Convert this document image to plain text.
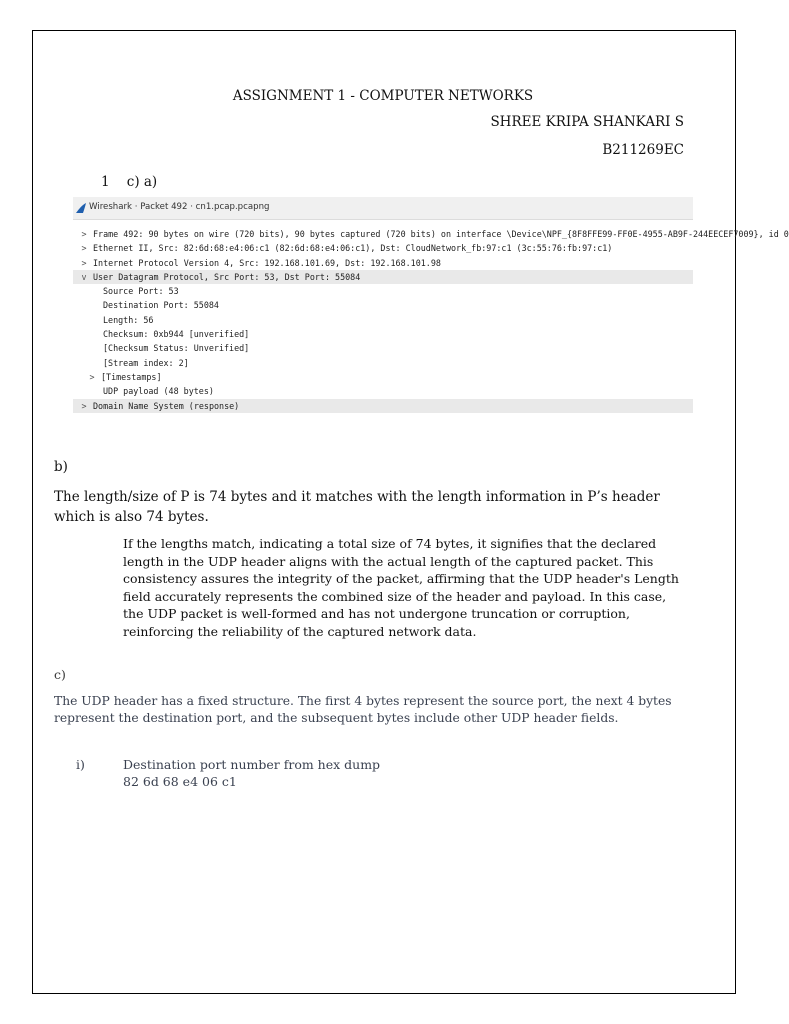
ASSIGNMENT 1 - COMPUTER NETWORKS
SHREE KRIPA SHANKARI S
B211269EC
1    c) a)
Wireshark · Packet 492 · cn1.pcap.pcapng
> Frame 492: 90 bytes on wire (720 bits), 90 bytes captured (720 bits) on interface \Device\NPF_{8F8FFE99-FF0E-4955-AB9F-244EECEF7009}, id 0
> Ethernet II, Src: 82:6d:68:e4:06:c1 (82:6d:68:e4:06:c1), Dst: CloudNetwork_fb:97:c1 (3c:55:76:fb:97:c1)
> Internet Protocol Version 4, Src: 192.168.101.69, Dst: 192.168.101.98
v User Datagram Protocol, Src Port: 53, Dst Port: 55084
Source Port: 53
Destination Port: 55084
Length: 56
Checksum: 0xb944 [unverified]
[Checksum Status: Unverified]
[Stream index: 2]
> [Timestamps]
UDP payload (48 bytes)
> Domain Name System (response)
b)
The length/size of P is 74 bytes and it matches with the length information in P’s header which is also 74 bytes.
If the lengths match, indicating a total size of 74 bytes, it signifies that the declared length in the UDP header aligns with the actual length of the captured packet. This consistency assures the integrity of the packet, affirming that the UDP header's Length field accurately represents the combined size of the header and payload. In this case, the UDP packet is well-formed and has not undergone truncation or corruption, reinforcing the reliability of the captured network data.
c)
The UDP header has a fixed structure. The first 4 bytes represent the source port, the next 4 bytes represent the destination port, and the subsequent bytes include other UDP header fields.
i)	Destination port number from hex dump
82 6d 68 e4 06 c1
